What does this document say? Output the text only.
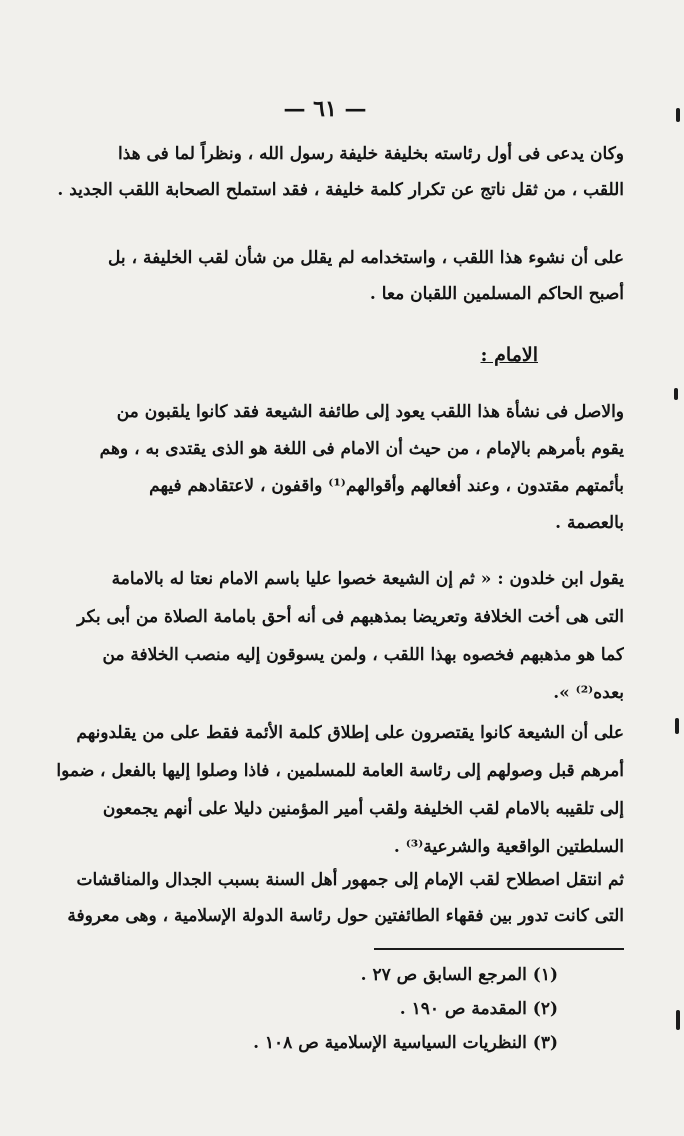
— ٦١ —

وكان يدعى فى أول رئاسته بخليفة خليفة رسول الله ، ونظراً لما فى هذا
اللقب ، من ثقل ناتج عن تكرار كلمة خليفة ، فقد استملح الصحابة اللقب الجديد .

على أن نشوء هذا اللقب ، واستخدامه لم يقلل من شأن لقب الخليفة ، بل
أصبح الحاكم المسلمين اللقبان معا .

الامام :

والاصل فى نشأة هذا اللقب يعود إلى طائفة الشيعة فقد كانوا يلقبون من
يقوم بأمرهم بالإمام ، من حيث أن الامام فى اللغة هو الذى يقتدى به ، وهم
بأئمتهم مقتدون ، وعند أفعالهم وأقوالهم⁽¹⁾ واقفون ، لاعتقادهم فيهم
بالعصمة .

يقول ابن خلدون : « ثم إن الشيعة خصوا عليا باسم الامام نعتا له بالامامة
التى هى أخت الخلافة وتعريضا بمذهبهم فى أنه أحق بامامة الصلاة من أبى بكر
كما هو مذهبهم فخصوه بهذا اللقب ، ولمن يسوقون إليه منصب الخلافة من
بعده⁽²⁾ ».

على أن الشيعة كانوا يقتصرون على إطلاق كلمة الأئمة فقط على من يقلدونهم
أمرهم قبل وصولهم إلى رئاسة العامة للمسلمين ، فاذا وصلوا إليها بالفعل ، ضموا
إلى تلقيبه بالامام لقب الخليفة ولقب أمير المؤمنين دليلا على أنهم يجمعون
السلطتين الواقعية والشرعية⁽³⁾ .

ثم انتقل اصطلاح لقب الإمام إلى جمهور أهل السنة بسبب الجدال والمناقشات
التى كانت تدور بين فقهاء الطائفتين حول رئاسة الدولة الإسلامية ، وهى معروفة

(١) المرجع السابق ص ٢٧ .
(٢) المقدمة ص ١٩٠ .
(٣) النظريات السياسية الإسلامية ص ١٠٨ .
